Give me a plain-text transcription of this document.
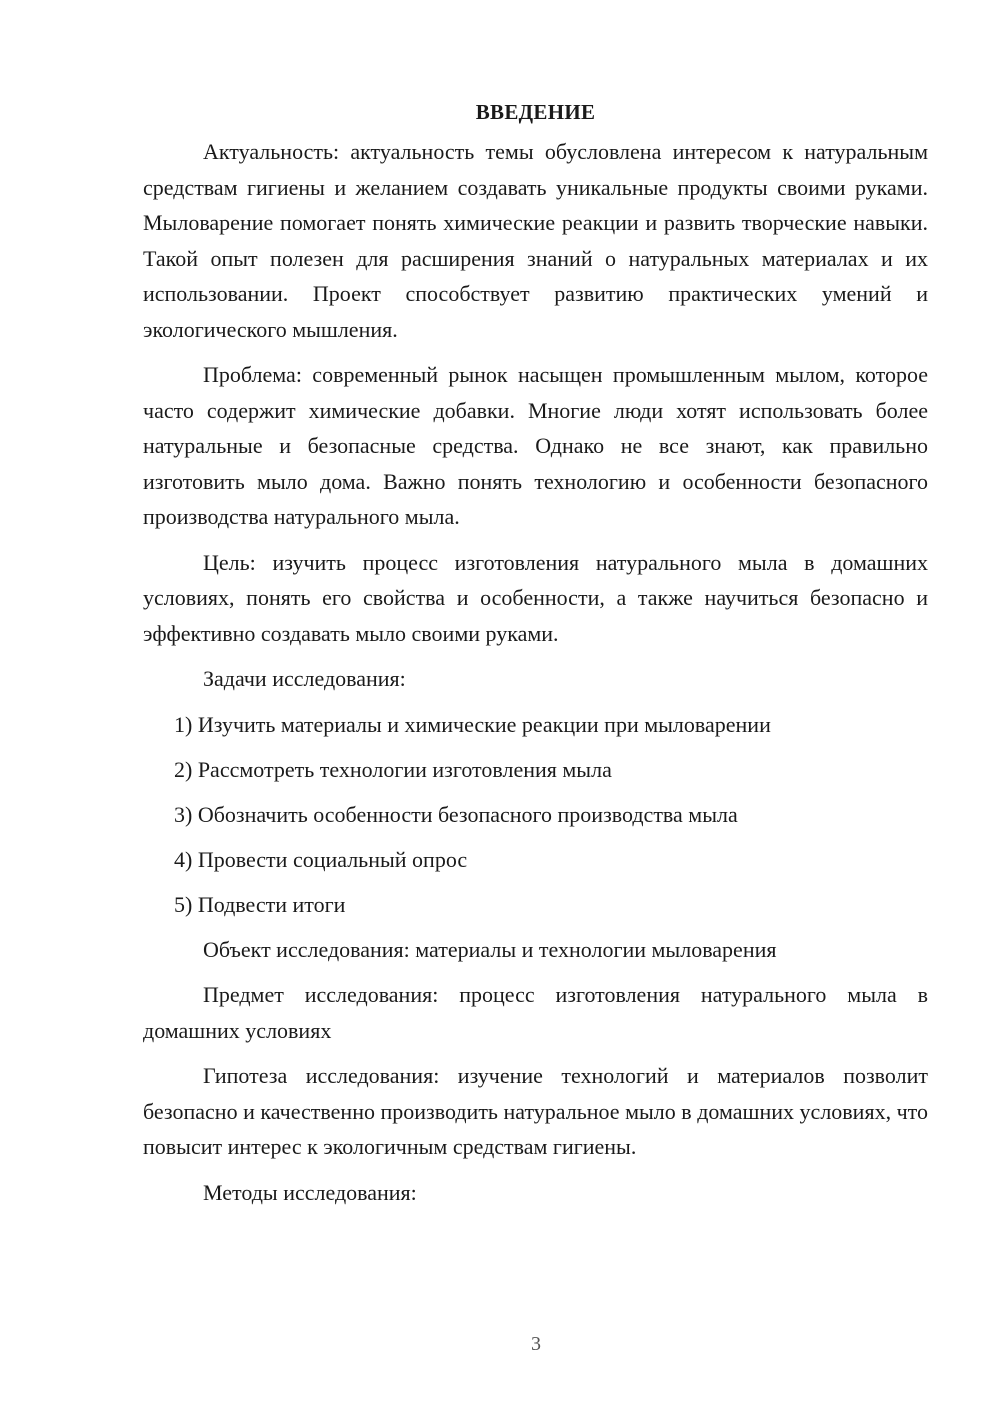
ВВЕДЕНИЕ

Актуальность: актуальность темы обусловлена интересом к натуральным средствам гигиены и желанием создавать уникальные продукты своими руками. Мыловарение помогает понять химические реакции и развить творческие навыки. Такой опыт полезен для расширения знаний о натуральных материалах и их использовании. Проект способствует развитию практических умений и экологического мышления.

Проблема: современный рынок насыщен промышленным мылом, которое часто содержит химические добавки. Многие люди хотят использовать более натуральные и безопасные средства. Однако не все знают, как правильно изготовить мыло дома. Важно понять технологию и особенности безопасного производства натурального мыла.

Цель: изучить процесс изготовления натурального мыла в домашних условиях, понять его свойства и особенности, а также научиться безопасно и эффективно создавать мыло своими руками.

Задачи исследования:

1) Изучить материалы и химические реакции при мыловарении
2) Рассмотреть технологии изготовления мыла
3) Обозначить особенности безопасного производства мыла
4) Провести социальный опрос
5) Подвести итоги

Объект исследования: материалы и технологии мыловарения

Предмет исследования: процесс изготовления натурального мыла в домашних условиях

Гипотеза исследования: изучение технологий и материалов позволит безопасно и качественно производить натуральное мыло в домашних условиях, что повысит интерес к экологичным средствам гигиены.

Методы исследования:

3
